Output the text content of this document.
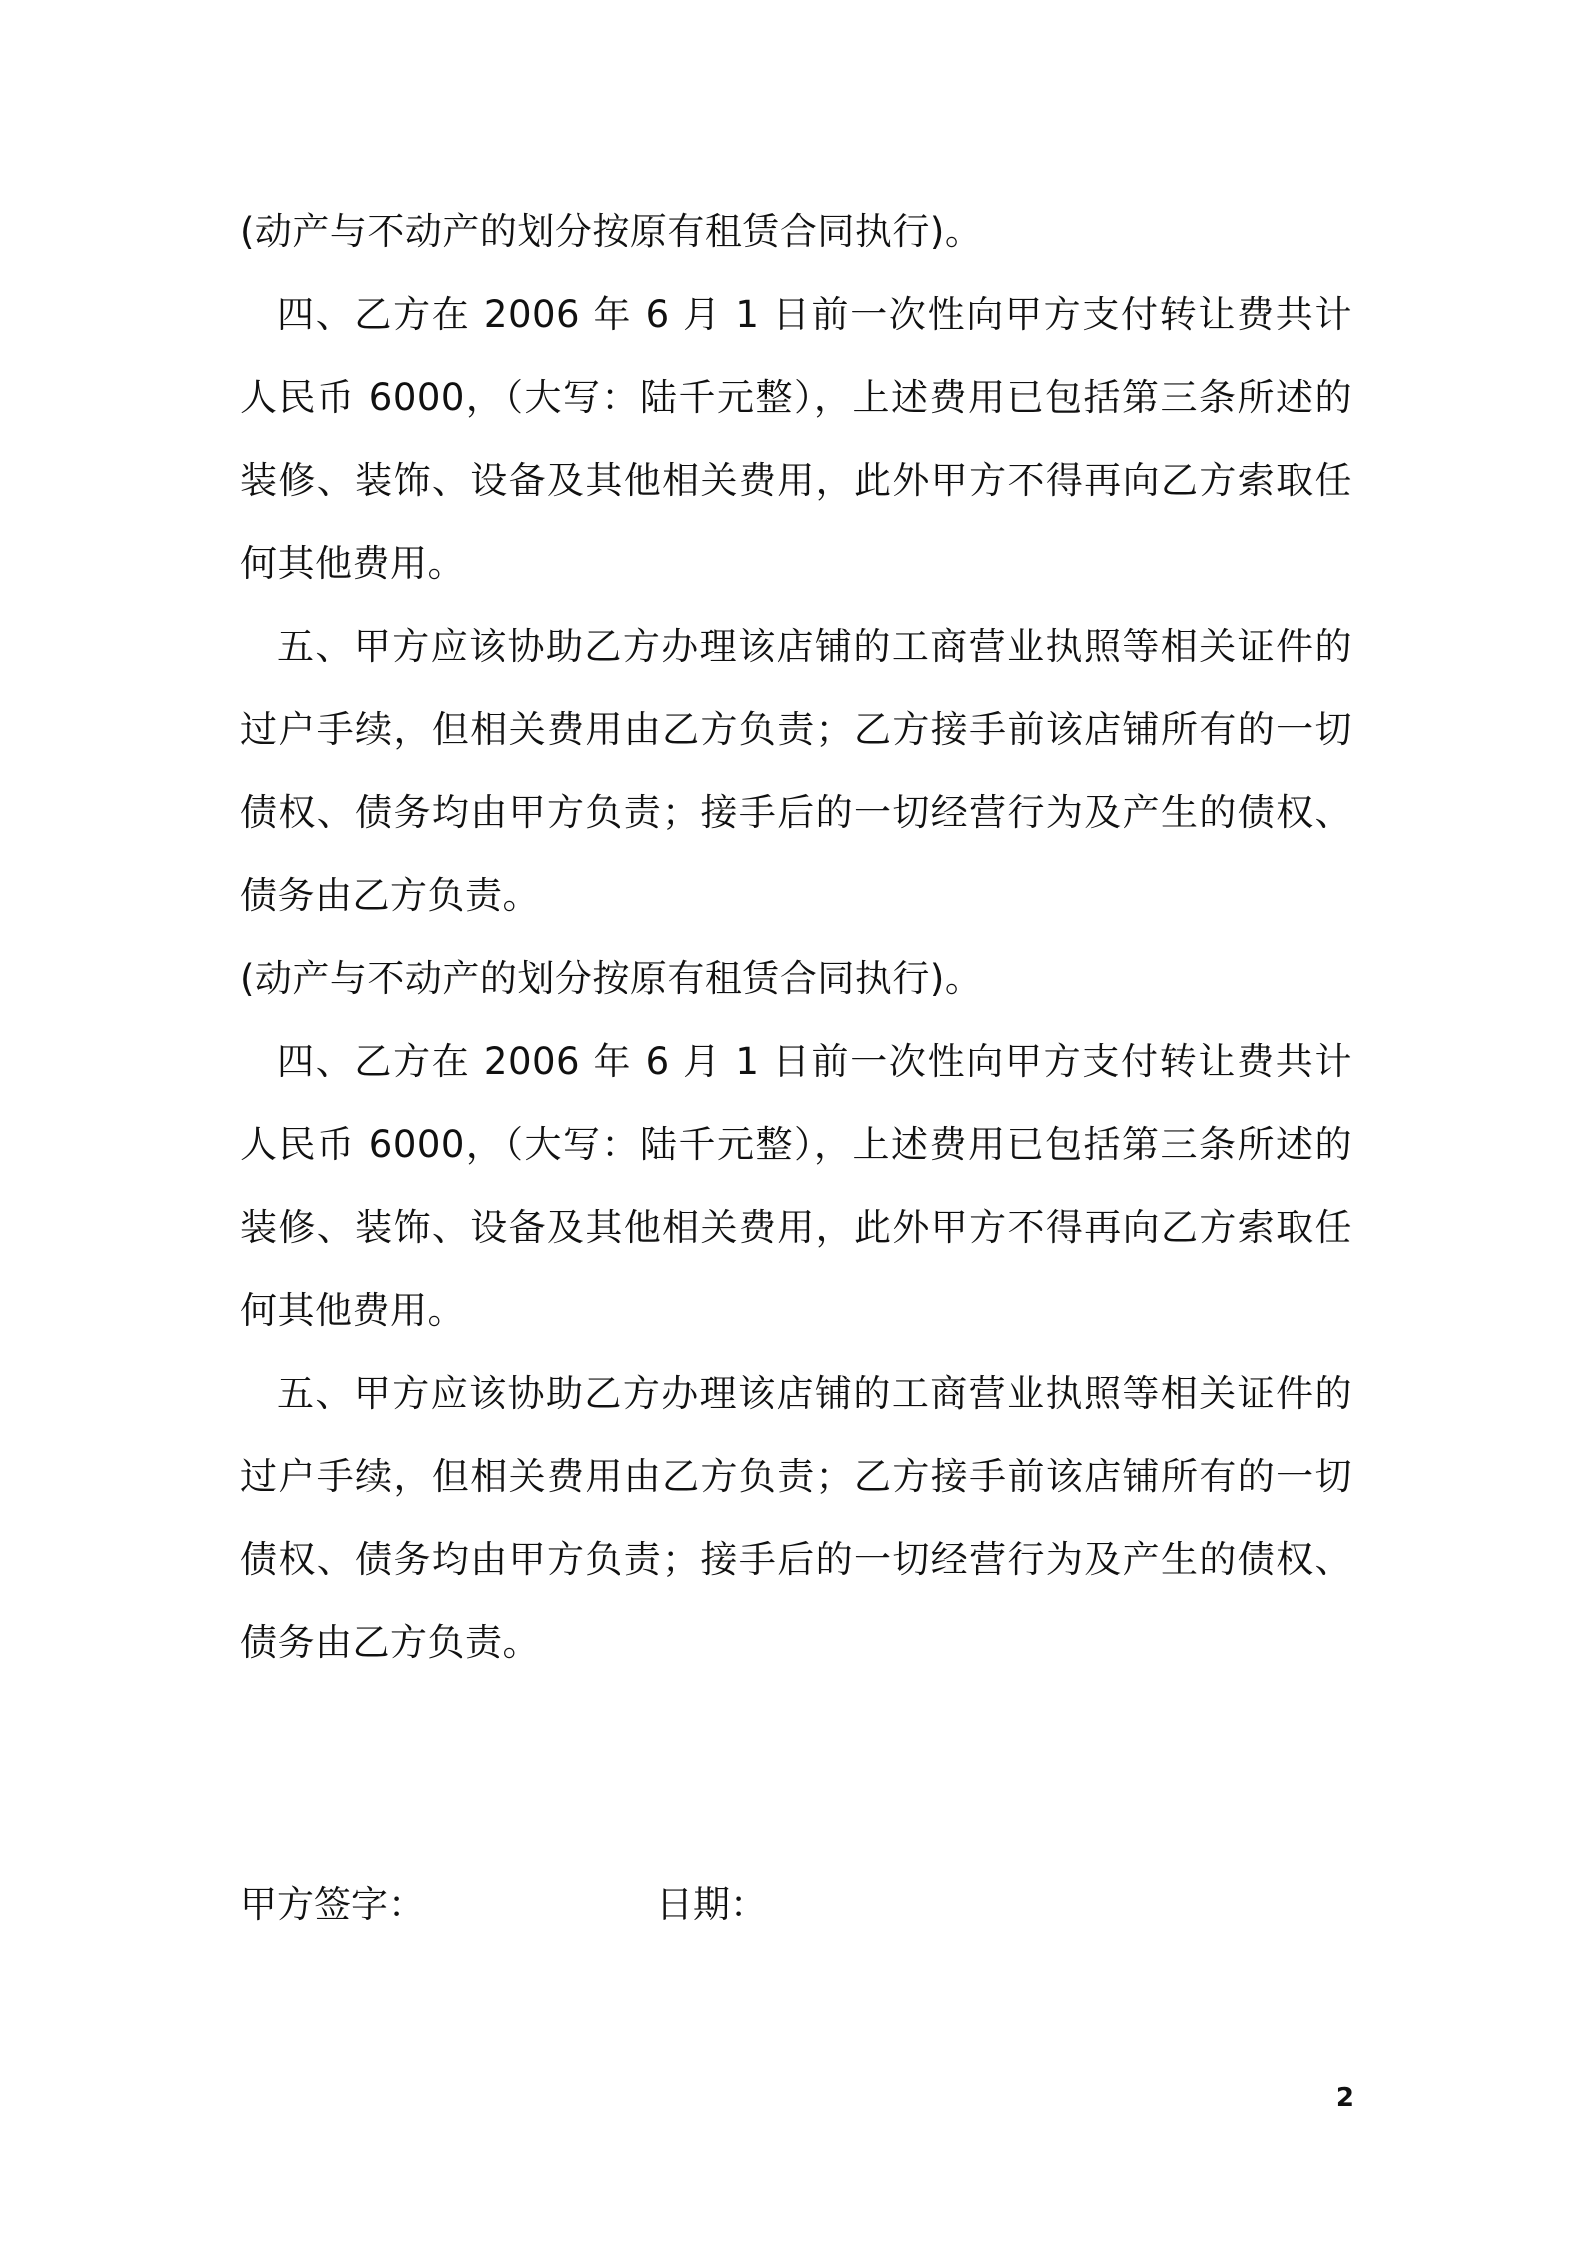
(动产与不动产的划分按原有租赁合同执行)。

四、乙方在 2006 年 6 月 1 日前一次性向甲方支付转让费共计人民币 6000，（大写：陆千元整），上述费用已包括第三条所述的装修、装饰、设备及其他相关费用，此外甲方不得再向乙方索取任何其他费用。

五、甲方应该协助乙方办理该店铺的工商营业执照等相关证件的过户手续，但相关费用由乙方负责；乙方接手前该店铺所有的一切债权、债务均由甲方负责；接手后的一切经营行为及产生的债权、债务由乙方负责。

(动产与不动产的划分按原有租赁合同执行)。

四、乙方在 2006 年 6 月 1 日前一次性向甲方支付转让费共计人民币 6000，（大写：陆千元整），上述费用已包括第三条所述的装修、装饰、设备及其他相关费用，此外甲方不得再向乙方索取任何其他费用。

五、甲方应该协助乙方办理该店铺的工商营业执照等相关证件的过户手续，但相关费用由乙方负责；乙方接手前该店铺所有的一切债权、债务均由甲方负责；接手后的一切经营行为及产生的债权、债务由乙方负责。

甲方签字：	日期：
2
